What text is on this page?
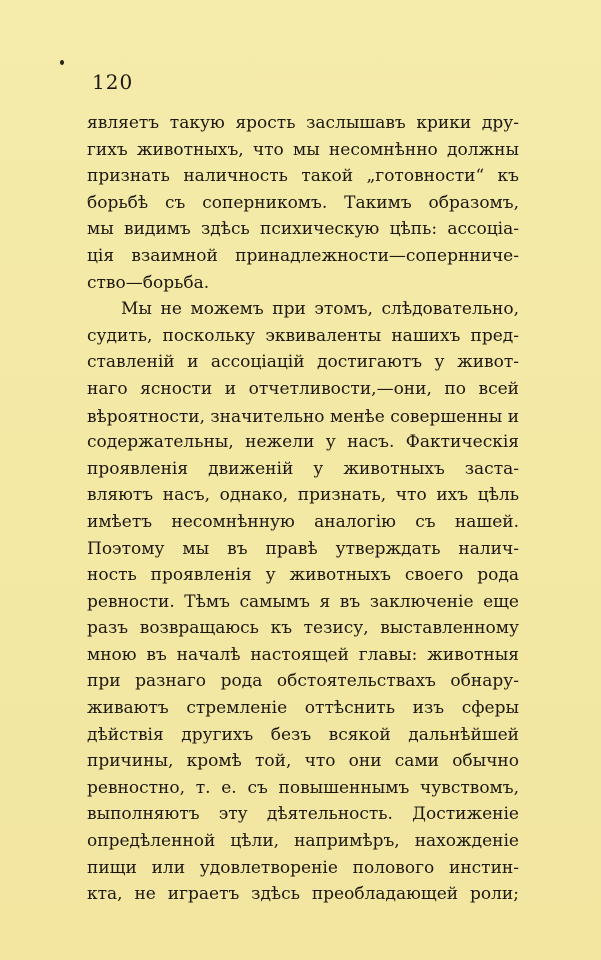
120
являетъ такую ярость заслышавъ крики дру-
гихъ животныхъ, что мы несомнѣнно должны
признать наличность такой „готовности“ къ
борьбѣ съ соперникомъ. Такимъ образомъ,
мы видимъ здѣсь психическую цѣпь: ассоціа-
ція взаимной принадлежности—сопернниче-
ство—борьба.
Мы не можемъ при этомъ, слѣдовательно,
судить, поскольку эквиваленты нашихъ пред-
ставленій и ассоціацій достигаютъ у живот-
наго ясности и отчетливости,—они, по всей
вѣроятности, значительно менѣе совершенны и
содержательны, нежели у насъ. Фактическія
проявленія движеній у животныхъ заста-
вляютъ насъ, однако, признать, что ихъ цѣль
имѣетъ несомнѣнную аналогію съ нашей.
Поэтому мы въ правѣ утверждать налич-
ность проявленія у животныхъ своего рода
ревности. Тѣмъ самымъ я въ заключеніе еще
разъ возвращаюсь къ тезису, выставленному
мною въ началѣ настоящей главы: животныя
при разнаго рода обстоятельствахъ обнару-
живаютъ стремленіе оттѣснить изъ сферы
дѣйствія другихъ безъ всякой дальнѣйшей
причины, кромѣ той, что они сами обычно
ревностно, т. е. съ повышеннымъ чувствомъ,
выполняютъ эту дѣятельность. Достиженіе
опредѣленной цѣли, напримѣръ, нахожденіе
пищи или удовлетвореніе полового инстин-
кта, не играетъ здѣсь преобладающей роли;
